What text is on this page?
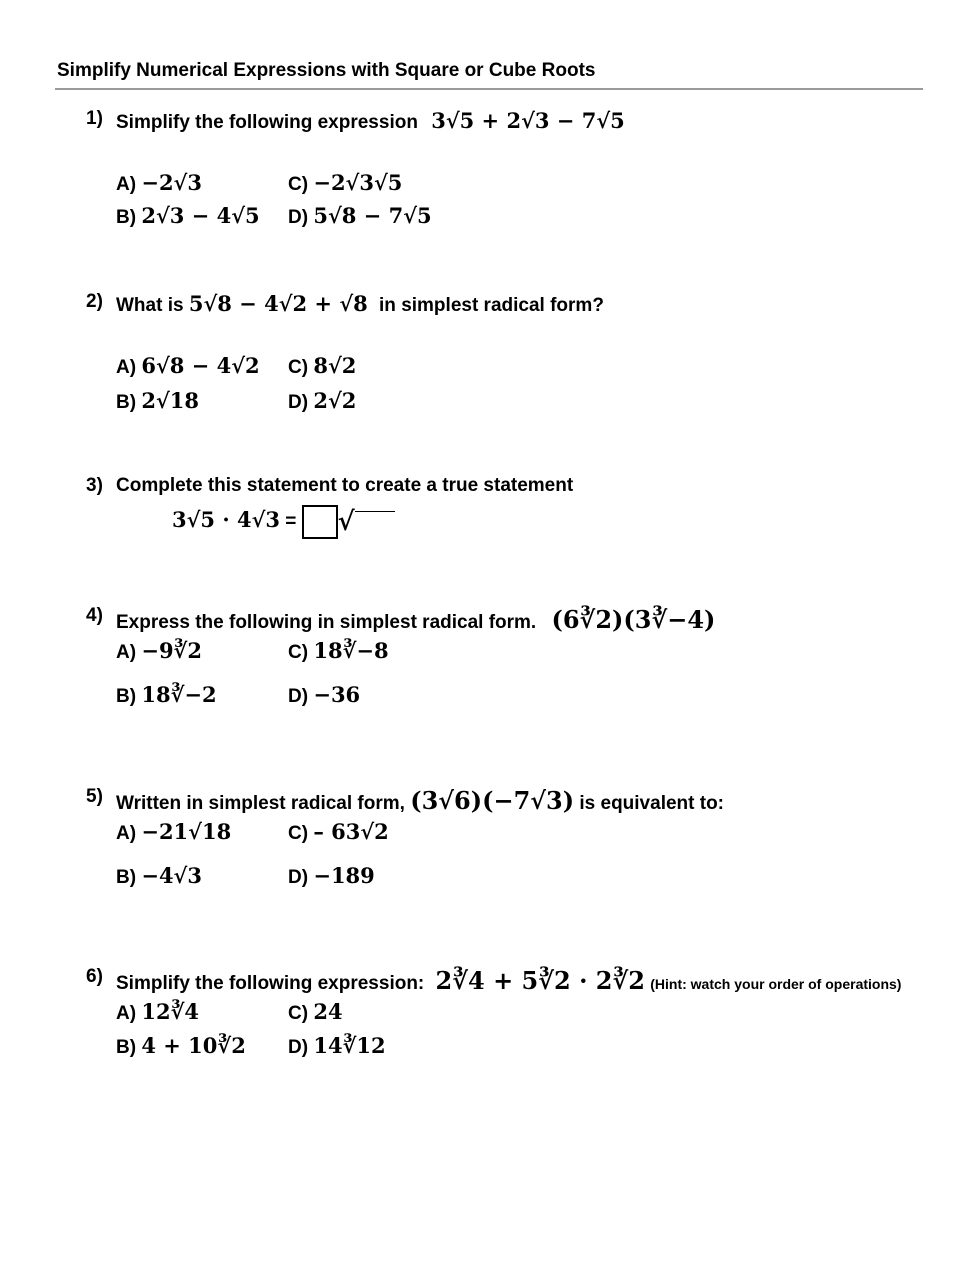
Simplify Numerical Expressions with Square or Cube Roots
1) Simplify the following expression 3√5 + 2√3 − 7√5
A) −2√3	C) −2√3√5
B) 2√3 − 4√5 D) 5√8 − 7√5
2) What is 5√8 − 4√2 + √8 in simplest radical form?
A) 6√8 − 4√2 C) 8√2
B) 2√18	D) 2√2
3) Complete this statement to create a true statement
3√5 · 4√3 = √
4) Express the following in simplest radical form. (6∛2)(3∛−4)
A) −9∛2	C) 18∛−8
B) 18∛−2	D) −36
5) Written in simplest radical form, (3√6)(−7√3) is equivalent to:
A) −21√18	C) – 63√2
B) −4√3	D) −189
6) Simplify the following expression: 2∛4 + 5∛2 · 2∛2 (Hint: watch your order of operations)
A) 12∛4	C) 24
B) 4 + 10∛2 D) 14∛12
